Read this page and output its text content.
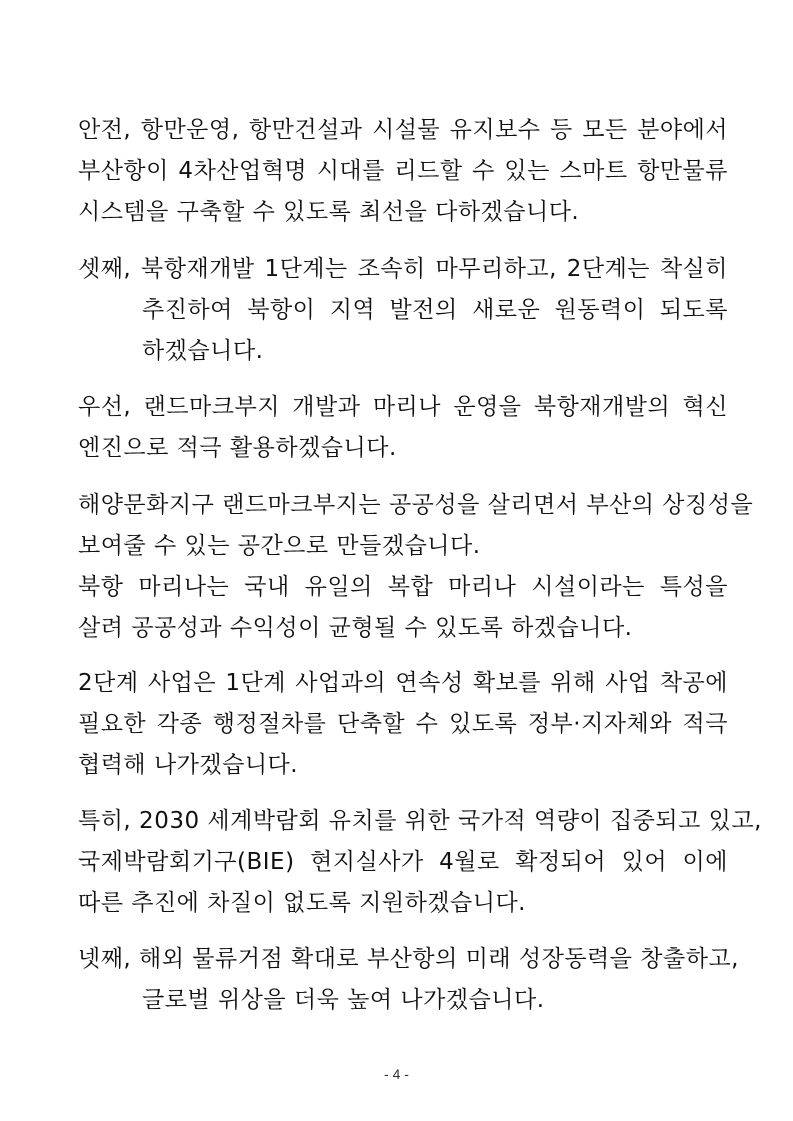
안전, 항만운영, 항만건설과 시설물 유지보수 등 모든 분야에서
부산항이 4차산업혁명 시대를 리드할 수 있는 스마트 항만물류
시스템을 구축할 수 있도록 최선을 다하겠습니다.
셋째, 북항재개발 1단계는 조속히 마무리하고, 2단계는 착실히
추진하여 북항이 지역 발전의 새로운 원동력이 되도록
하겠습니다.
우선, 랜드마크부지 개발과 마리나 운영을 북항재개발의 혁신
엔진으로 적극 활용하겠습니다.
해양문화지구 랜드마크부지는 공공성을 살리면서 부산의 상징성을
보여줄 수 있는 공간으로 만들겠습니다.
북항 마리나는 국내 유일의 복합 마리나 시설이라는 특성을
살려 공공성과 수익성이 균형될 수 있도록 하겠습니다.
2단계 사업은 1단계 사업과의 연속성 확보를 위해 사업 착공에
필요한 각종 행정절차를 단축할 수 있도록 정부·지자체와 적극
협력해 나가겠습니다.
특히, 2030 세계박람회 유치를 위한 국가적 역량이 집중되고 있고,
국제박람회기구(BIE) 현지실사가 4월로 확정되어 있어 이에
따른 추진에 차질이 없도록 지원하겠습니다.
넷째, 해외 물류거점 확대로 부산항의 미래 성장동력을 창출하고,
글로벌 위상을 더욱 높여 나가겠습니다.
- 4 -
